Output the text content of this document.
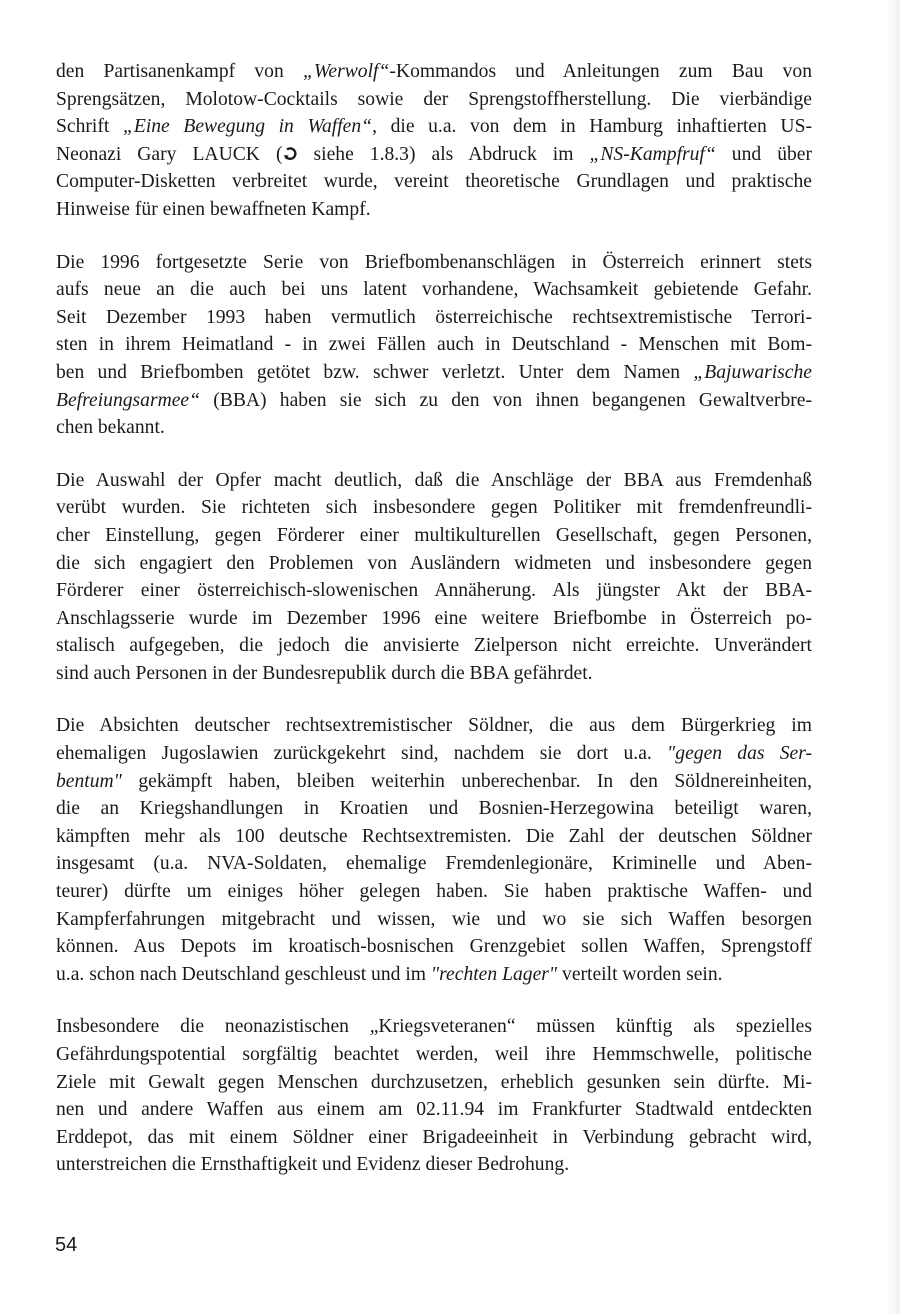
den Partisanenkampf von „Werwolf“-Kommandos und Anleitungen zum Bau von
Sprengsätzen, Molotow-Cocktails sowie der Sprengstoffherstellung. Die vierbändige
Schrift „Eine Bewegung in Waffen“, die u.a. von dem in Hamburg inhaftierten US-
Neonazi Gary LAUCK ( siehe 1.8.3) als Abdruck im „NS-Kampfruf“ und über
Computer-Disketten verbreitet wurde, vereint theoretische Grundlagen und praktische
Hinweise für einen bewaffneten Kampf.

Die 1996 fortgesetzte Serie von Briefbombenanschlägen in Österreich erinnert stets
aufs neue an die auch bei uns latent vorhandene, Wachsamkeit gebietende Gefahr.
Seit Dezember 1993 haben vermutlich österreichische rechtsextremistische Terrori-
sten in ihrem Heimatland - in zwei Fällen auch in Deutschland - Menschen mit Bom-
ben und Briefbomben getötet bzw. schwer verletzt. Unter dem Namen „Bajuwarische
Befreiungsarmee“ (BBA) haben sie sich zu den von ihnen begangenen Gewaltverbre-
chen bekannt.

Die Auswahl der Opfer macht deutlich, daß die Anschläge der BBA aus Fremdenhaß
verübt wurden. Sie richteten sich insbesondere gegen Politiker mit fremdenfreundli-
cher Einstellung, gegen Förderer einer multikulturellen Gesellschaft, gegen Personen,
die sich engagiert den Problemen von Ausländern widmeten und insbesondere gegen
Förderer einer österreichisch-slowenischen Annäherung. Als jüngster Akt der BBA-
Anschlagsserie wurde im Dezember 1996 eine weitere Briefbombe in Österreich po-
stalisch aufgegeben, die jedoch die anvisierte Zielperson nicht erreichte. Unverändert
sind auch Personen in der Bundesrepublik durch die BBA gefährdet.

Die Absichten deutscher rechtsextremistischer Söldner, die aus dem Bürgerkrieg im
ehemaligen Jugoslawien zurückgekehrt sind, nachdem sie dort u.a. "gegen das Ser-
bentum" gekämpft haben, bleiben weiterhin unberechenbar. In den Söldnereinheiten,
die an Kriegshandlungen in Kroatien und Bosnien-Herzegowina beteiligt waren,
kämpften mehr als 100 deutsche Rechtsextremisten. Die Zahl der deutschen Söldner
insgesamt (u.a. NVA-Soldaten, ehemalige Fremdenlegionäre, Kriminelle und Aben-
teurer) dürfte um einiges höher gelegen haben. Sie haben praktische Waffen- und
Kampferfahrungen mitgebracht und wissen, wie und wo sie sich Waffen besorgen
können. Aus Depots im kroatisch-bosnischen Grenzgebiet sollen Waffen, Sprengstoff
u.a. schon nach Deutschland geschleust und im "rechten Lager" verteilt worden sein.

Insbesondere die neonazistischen „Kriegsveteranen“ müssen künftig als spezielles
Gefährdungspotential sorgfältig beachtet werden, weil ihre Hemmschwelle, politische
Ziele mit Gewalt gegen Menschen durchzusetzen, erheblich gesunken sein dürfte. Mi-
nen und andere Waffen aus einem am 02.11.94 im Frankfurter Stadtwald entdeckten
Erddepot, das mit einem Söldner einer Brigadeeinheit in Verbindung gebracht wird,
unterstreichen die Ernsthaftigkeit und Evidenz dieser Bedrohung.

54
